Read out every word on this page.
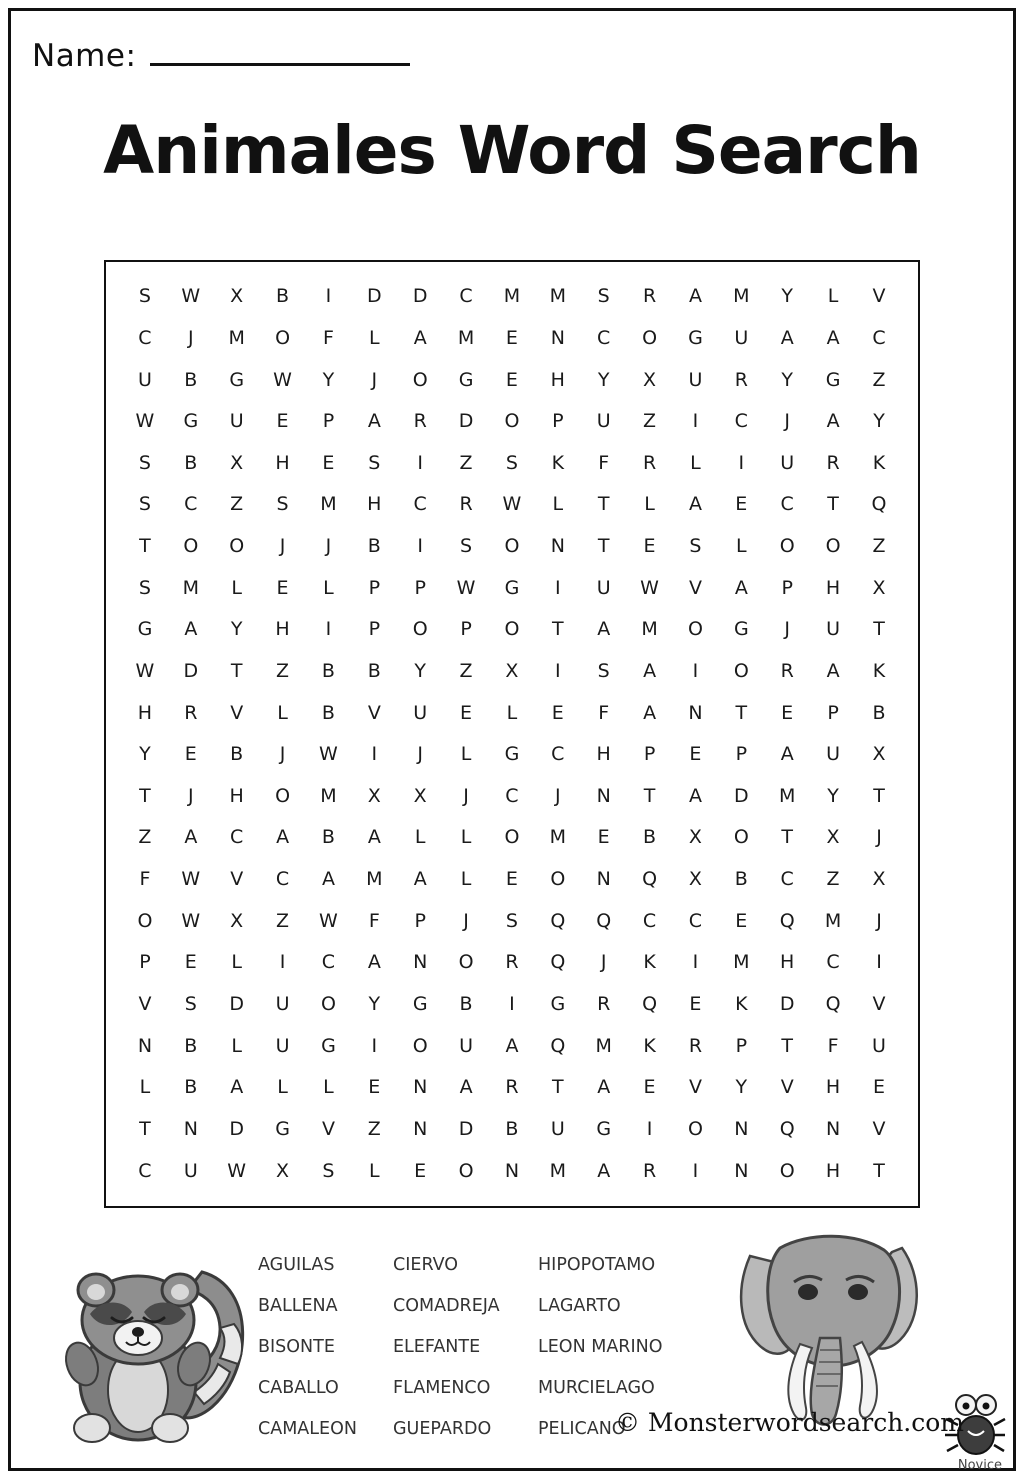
Name:
Animales Word Search
S	W	X	B	I	D	D	C	M	M	S	R	A	M	Y	L	V
C	J	M	O	F	L	A	M	E	N	C	O	G	U	A	A	C
U	B	G	W	Y	J	O	G	E	H	Y	X	U	R	Y	G	Z
W	G	U	E	P	A	R	D	O	P	U	Z	I	C	J	A	Y
S	B	X	H	E	S	I	Z	S	K	F	R	L	I	U	R	K
S	C	Z	S	M	H	C	R	W	L	T	L	A	E	C	T	Q
T	O	O	J	J	B	I	S	O	N	T	E	S	L	O	O	Z
S	M	L	E	L	P	P	W	G	I	U	W	V	A	P	H	X
G	A	Y	H	I	P	O	P	O	T	A	M	O	G	J	U	T
W	D	T	Z	B	B	Y	Z	X	I	S	A	I	O	R	A	K
H	R	V	L	B	V	U	E	L	E	F	A	N	T	E	P	B
Y	E	B	J	W	I	J	L	G	C	H	P	E	P	A	U	X
T	J	H	O	M	X	X	J	C	J	N	T	A	D	M	Y	T
Z	A	C	A	B	A	L	L	O	M	E	B	X	O	T	X	J
F	W	V	C	A	M	A	L	E	O	N	Q	X	B	C	Z	X
O	W	X	Z	W	F	P	J	S	Q	Q	C	C	E	Q	M	J
P	E	L	I	C	A	N	O	R	Q	J	K	I	M	H	C	I
V	S	D	U	O	Y	G	B	I	G	R	Q	E	K	D	Q	V
N	B	L	U	G	I	O	U	A	Q	M	K	R	P	T	F	U
L	B	A	L	L	E	N	A	R	T	A	E	V	Y	V	H	E
T	N	D	G	V	Z	N	D	B	U	G	I	O	N	Q	N	V
C	U	W	X	S	L	E	O	N	M	A	R	I	N	O	H	T
AGUILAS	CIERVO	HIPOPOTAMO
BALLENA	COMADREJA	LAGARTO
BISONTE	ELEFANTE	LEON MARINO
CABALLO	FLAMENCO	MURCIELAGO
CAMALEON	GUEPARDO	PELICANO
© Monsterwordsearch.com
Novice
